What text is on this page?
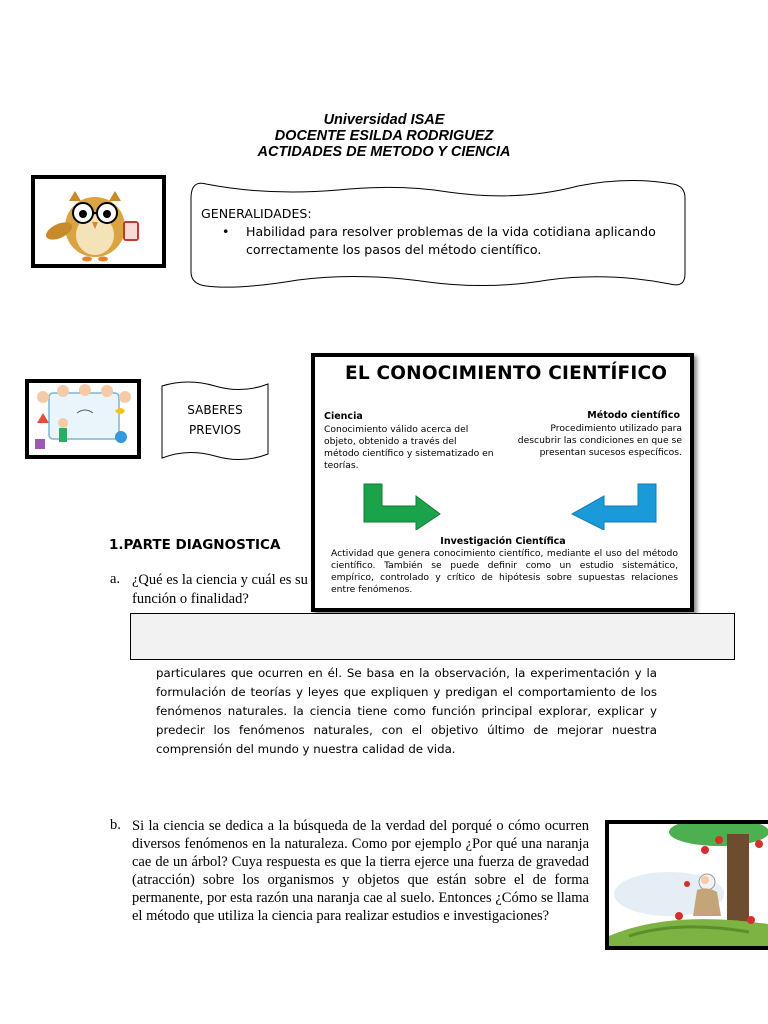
Universidad ISAE
DOCENTE ESILDA RODRIGUEZ
ACTIDADES DE METODO Y CIENCIA
GENERALIDADES:
• Habilidad para resolver problemas de la vida cotidiana aplicando correctamente los pasos del método científico.
SABERES
PREVIOS
EL CONOCIMIENTO CIENTÍFICO
Ciencia
Conocimiento válido acerca del objeto, obtenido a través del método científico y sistematizado en teorías.
Método científico
Procedimiento utilizado para descubrir las condiciones en que se presentan sucesos específicos.
Investigación Científica
Actividad que genera conocimiento científico, mediante el uso del método científico. También se puede definir como un estudio sistemático, empírico, controlado y crítico de hipótesis sobre supuestas relaciones entre fenómenos.
1.PARTE DIAGNOSTICA
a. ¿Qué es la ciencia y cuál es su función o finalidad?
particulares que ocurren en él. Se basa en la observación, la experimentación y la formulación de teorías y leyes que expliquen y predigan el comportamiento de los fenómenos naturales. la ciencia tiene como función principal explorar, explicar y predecir los fenómenos naturales, con el objetivo último de mejorar nuestra comprensión del mundo y nuestra calidad de vida.
b. Si la ciencia se dedica a la búsqueda de la verdad del porqué o cómo ocurren diversos fenómenos en la naturaleza. Como por ejemplo ¿Por qué una naranja cae de un árbol? Cuya respuesta es que la tierra ejerce una fuerza de gravedad (atracción) sobre los organismos y objetos que están sobre el de forma permanente, por esta razón una naranja cae al suelo. Entonces ¿Cómo se llama el método que utiliza la ciencia para realizar estudios e investigaciones?
